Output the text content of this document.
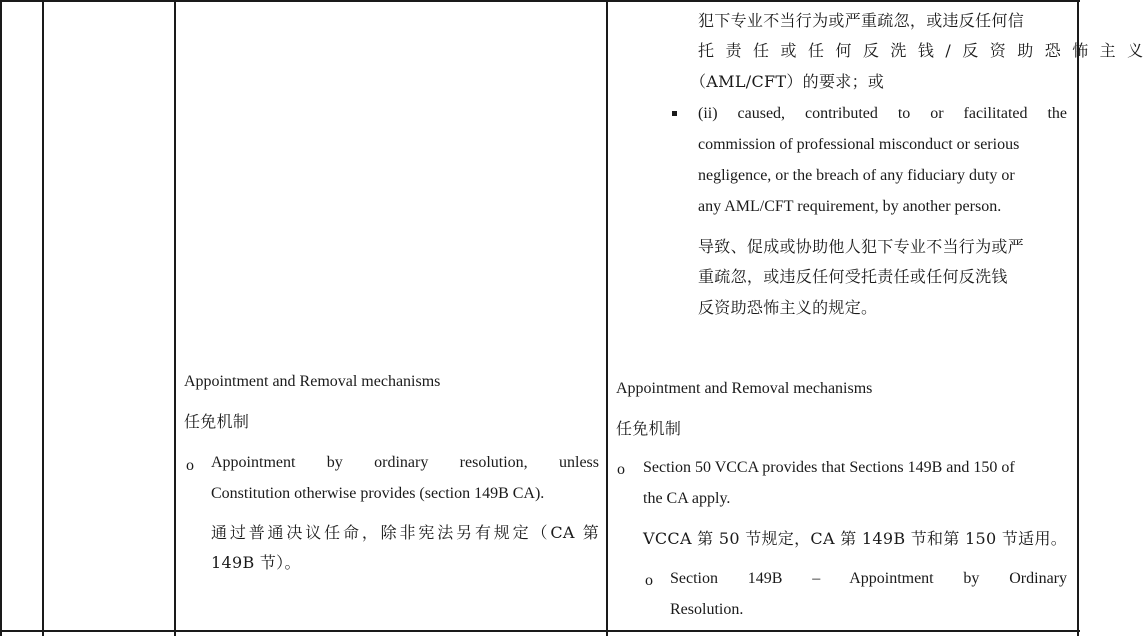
犯下专业不当行为或严重疏忽，或违反任何信
托 责 任 或 任 何 反 洗 钱 / 反 资 助 恐 怖 主 义
（AML/CFT）的要求；或
(ii) caused, contributed to or facilitated the
commission of professional misconduct or serious
negligence, or the breach of any fiduciary duty or
any AML/CFT requirement, by another person.
导致、促成或协助他人犯下专业不当行为或严
重疏忽，或违反任何受托责任或任何反洗钱
反资助恐怖主义的规定。
Appointment and Removal mechanisms
任免机制
o Appointment by ordinary resolution, unless
Constitution otherwise provides (section 149B CA).
通过普通决议任命，除非宪法另有规定（CA 第
149B 节）。
Appointment and Removal mechanisms
任免机制
o Section 50 VCCA provides that Sections 149B and 150 of
the CA apply.
VCCA 第 50 节规定，CA 第 149B 节和第 150 节适用。
o Section 149B – Appointment by Ordinary
Resolution.
